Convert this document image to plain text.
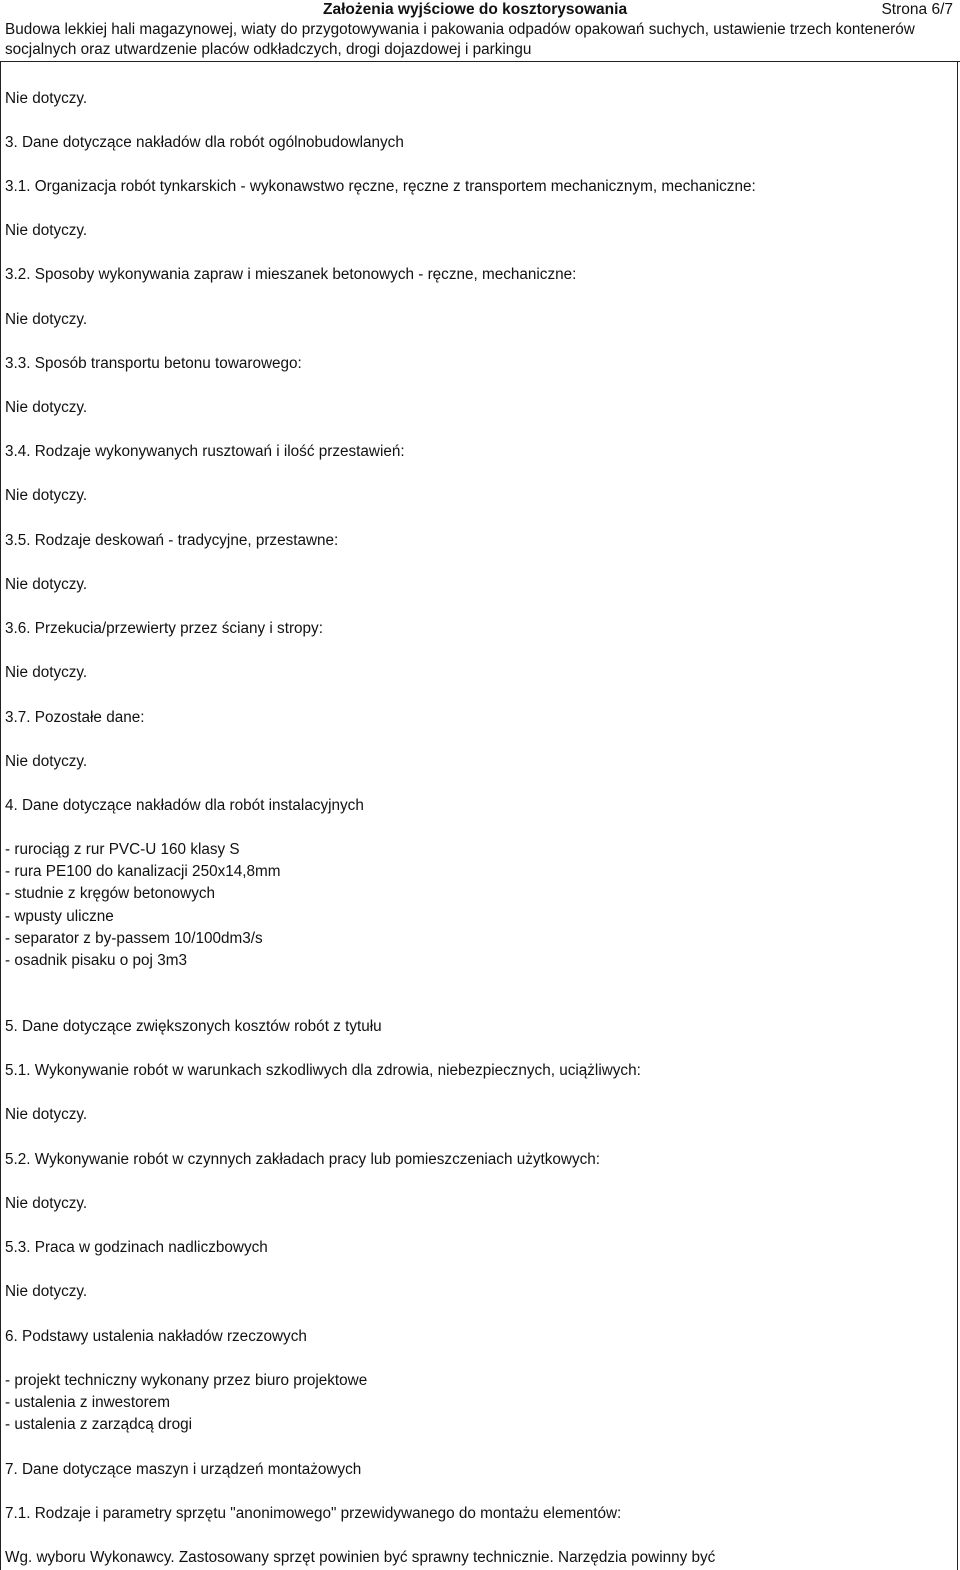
Założenia wyjściowe do kosztorysowania	Strona 6/7
Budowa lekkiej hali magazynowej, wiaty do przygotowywania i pakowania odpadów opakowań suchych, ustawienie trzech kontenerów socjalnych oraz utwardzenie placów odkładczych, drogi dojazdowej i parkingu
Nie dotyczy.
3. Dane dotyczące nakładów dla robót ogólnobudowlanych
3.1. Organizacja robót tynkarskich - wykonawstwo ręczne, ręczne z transportem mechanicznym, mechaniczne:
Nie dotyczy.
3.2. Sposoby wykonywania zapraw i mieszanek betonowych - ręczne, mechaniczne:
Nie dotyczy.
3.3. Sposób transportu betonu towarowego:
Nie dotyczy.
3.4. Rodzaje wykonywanych rusztowań i ilość przestawień:
Nie dotyczy.
3.5. Rodzaje deskowań - tradycyjne, przestawne:
Nie dotyczy.
3.6. Przekucia/przewierty przez ściany i stropy:
Nie dotyczy.
3.7. Pozostałe dane:
Nie dotyczy.
4. Dane dotyczące nakładów dla robót instalacyjnych
- rurociąg z rur PVC-U 160 klasy S
- rura PE100 do kanalizacji 250x14,8mm
- studnie z kręgów betonowych
- wpusty uliczne
- separator z by-passem 10/100dm3/s
- osadnik pisaku o poj 3m3
5. Dane dotyczące zwiększonych kosztów robót z tytułu
5.1. Wykonywanie robót w warunkach szkodliwych dla zdrowia, niebezpiecznych, uciążliwych:
Nie dotyczy.
5.2. Wykonywanie robót w czynnych zakładach pracy lub pomieszczeniach użytkowych:
Nie dotyczy.
5.3. Praca w godzinach nadliczbowych
Nie dotyczy.
6. Podstawy ustalenia nakładów rzeczowych
- projekt techniczny wykonany przez biuro projektowe
- ustalenia z inwestorem
- ustalenia z zarządcą drogi
7. Dane dotyczące maszyn i urządzeń montażowych
7.1. Rodzaje i parametry sprzętu "anonimowego" przewidywanego do montażu elementów:
Wg. wyboru Wykonawcy. Zastosowany sprzęt powinien być sprawny technicznie. Narzędzia powinny być
